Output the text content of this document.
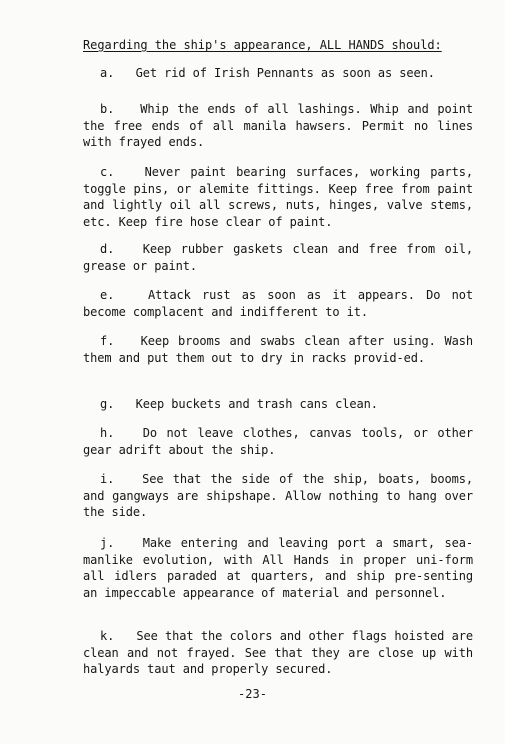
Regarding the ship's appearance, ALL HANDS should:
a.   Get rid of Irish Pennants as soon as seen.
b.   Whip the ends of all lashings. Whip and point the free ends of all manila hawsers. Permit no lines with frayed ends.
c.   Never paint bearing surfaces, working parts, toggle pins, or alemite fittings. Keep free from paint and lightly oil all screws, nuts, hinges, valve stems, etc. Keep fire hose clear of paint.
d.   Keep rubber gaskets clean and free from oil, grease or paint.
e.   Attack rust as soon as it appears. Do not become complacent and indifferent to it.
f.   Keep brooms and swabs clean after using. Wash them and put them out to dry in racks provid-ed.
g.   Keep buckets and trash cans clean.
h.   Do not leave clothes, canvas tools, or other gear adrift about the ship.
i.   See that the side of the ship, boats, booms, and gangways are shipshape. Allow nothing to hang over the side.
j.   Make entering and leaving port a smart, sea-manlike evolution, with All Hands in proper uni-form all idlers paraded at quarters, and ship pre-senting an impeccable appearance of material and personnel.
k.   See that the colors and other flags hoisted are clean and not frayed. See that they are close up with halyards taut and properly secured.
-23-
